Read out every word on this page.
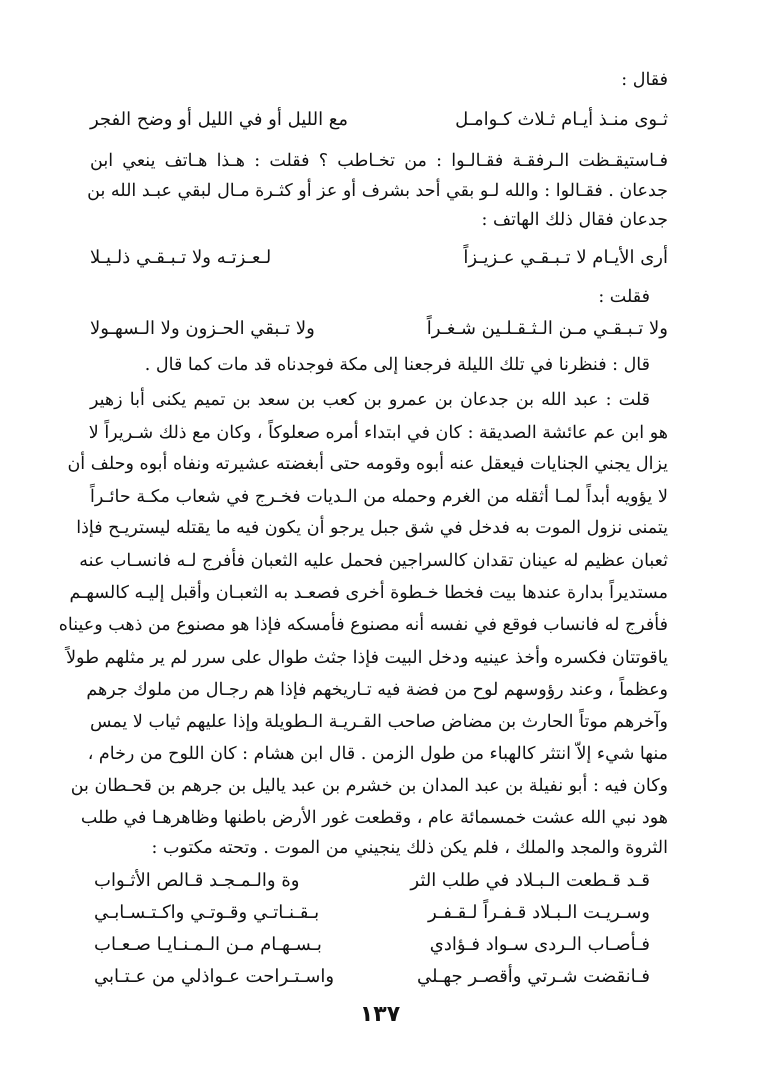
فقال :
ثـوى منـذ أيـام ثـلاث كـوامـل
مع الليل أو في الليل أو وضح الفجر
فـاستيقـظت الـرفقـة فقـالـوا : من تخـاطب ؟ فقلت : هـذا هـاتف ينعي ابن
جدعان . فقـالوا : والله لـو بقي أحد بشرف أو عز أو كثـرة مـال لبقي عبـد الله بن
جدعان فقال ذلك الهاتف :
أرى الأيـام لا تـبـقـي عـزيـزاً
لـعـزتـه ولا تـبـقـي ذلـيـلا
فقلت :
ولا تـبـقـي مـن الـثـقـلـين شـغـراً
ولا تـبقي الحـزون ولا الـسهـولا
قال : فنظرنا في تلك الليلة فرجعنا إلى مكة فوجدناه قد مات كما قال .
قلت : عبد الله بن جدعان بن عمرو بن كعب بن سعد بن تميم يكنى أبا زهير
هو ابن عم عائشة الصديقة : كان في ابتداء أمره صعلوكاً ، وكان مع ذلك شـريراً لا
يزال يجني الجنايات فيعقل عنه أبوه وقومه حتى أبغضته عشيرته ونفاه أبوه وحلف أن
لا يؤويه أبداً لمـا أثقله من الغرم وحمله من الـديات فخـرج في شعاب مكـة حائـراً
يتمنى نزول الموت به فدخل في شق جبل يرجو أن يكون فيه ما يقتله ليستريـح فإذا
ثعبان عظيم له عينان تقدان كالسراجين فحمل عليه الثعبان فأفرج لـه فانسـاب عنه
مستديراً بدارة عندها بيت فخطا خـطوة أخرى فصعـد به الثعبـان وأقبل إليـه كالسهـم
فأفرج له فانساب فوقع في نفسه أنه مصنوع فأمسكه فإذا هو مصنوع من ذهب وعيناه
ياقوتتان فكسره وأخذ عينيه ودخل البيت فإذا جثث طوال على سرر لم ير مثلهم طولاً
وعظماً ، وعند رؤوسهم لوح من فضة فيه تـاريخهم فإذا هم رجـال من ملوك جرهم
وآخرهم موتاً الحارث بن مضاض صاحب القـريـة الـطويلة وإذا عليهم ثياب لا يمس
منها شيء إلاّ انتثر كالهباء من طول الزمن . قال ابن هشام : كان اللوح من رخام ،
وكان فيه : أبو نفيلة بن عبد المدان بن خشرم بن عبد ياليل بن جرهم بن قحـطان بن
هود نبي الله عشت خمسمائة عام ، وقطعت غور الأرض باطنها وظاهرهـا في طلب
الثروة والمجد والملك ، فلم يكن ذلك ينجيني من الموت . وتحته مكتوب :
قـد قـطعت الـبـلاد في طلب الثر
وة والـمـجـد قـالص الأثـواب
وسـريـت الـبـلاد قـفـراً لـقـفـر
بـقـنـاتـي وقـوتـي واكـتـسـابـي
فـأصـاب الـردى سـواد فـؤادي
بـسـهـام مـن الـمـنـايـا صـعـاب
فـانقضت شـرتي وأقصـر جهـلي
واسـتـراحت عـواذلي من عـتـابي
١٣٧
